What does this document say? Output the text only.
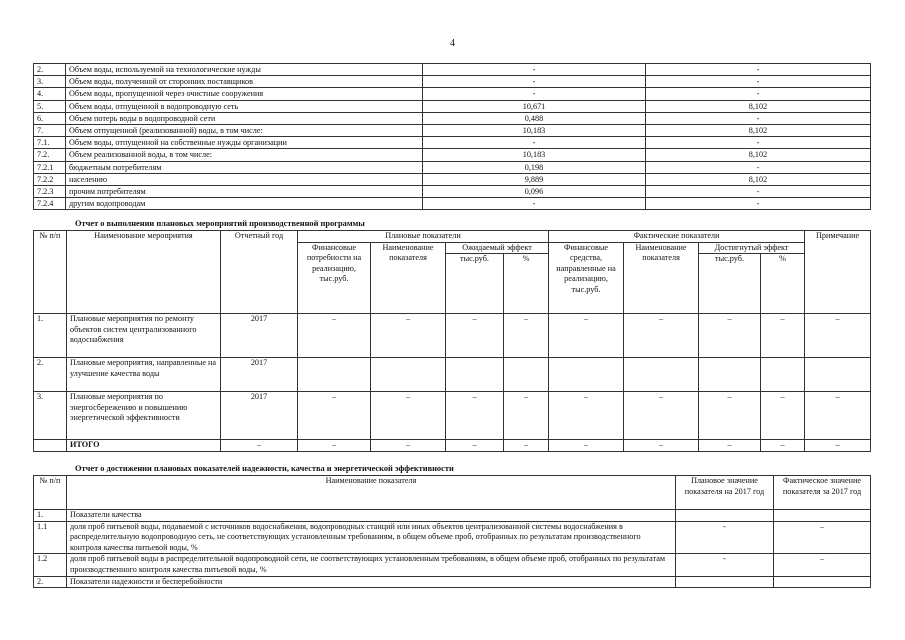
4
2.	Объем воды, используемой на технологические нужды	-	-
3.	Объем воды, полученной от сторонних поставщиков	-	-
4.	Объем воды, пропущенной через очистные сооружения	-	-
5.	Объем воды, отпущенной в водопроводную сеть	10,671	8,102
6.	Объем потерь воды в водопроводной сети	0,488	-
7.	Объем отпущенной (реализованной) воды, в том числе:	10,183	8,102
7.1.	Объем воды, отпущенной на собственные нужды организации	-	-
7.2.	Объем реализованной воды, в том числе:	10,183	8,102
7.2.1	бюджетным потребителям	0,198	-
7.2.2	населению	9,889	8,102
7.2.3	прочим потребителям	0,096	-
7.2.4	другим водопроводам	-	-
Отчет о выполнении плановых мероприятий производственной программы
№ п/п	Наименование мероприятия	Отчетный год	Плановые показатели				Фактические показатели				Примечание	
			Финансовые потребности на реализацию, тыс.руб.	Наименование показателя	Ожидаемый эффект		Финансовые средства, направленные на реализацию, тыс.руб.	Наименование показателя	Достигнутый эффект			
					тыс.руб.	%			тыс.руб.	%		
1.	Плановые мероприятия по ремонту объектов систем централизованного водоснабжения	2017	–	–	–	–	–	–	–	–	–	
2.	Плановые мероприятия, направленные на улучшение качества воды	2017										
3.	Плановые мероприятия по энергосбережению и повышению энергетической эффективности	2017	–	–	–	–	–	–	–	–	–	
	ИТОГО	–	–	–	–	–	–	–	–	–	–	
Отчет о достижении плановых показателей надежности, качества и энергетической эффективности
№ п/п	Наименование показателя	Плановое значение показателя на 2017 год	Фактическое значение показателя за 2017 год
1.	Показатели качества		
1.1	доля проб питьевой воды, подаваемой с источников водоснабжения, водопроводных станций или иных объектов централизованной системы водоснабжения в распределительную водопроводную сеть, не соответствующих установленным требованиям, в общем объеме проб, отобранных по результатам производственного контроля качества питьевой воды, %	-	–
1.2	доля проб питьевой воды в распределительной водопроводной сети, не соответствующих установленным требованиям, в общем объеме проб, отобранных по результатам производственного контроля качества питьевой воды, %	-	–
2.	Показатели надежности и бесперебойности		
